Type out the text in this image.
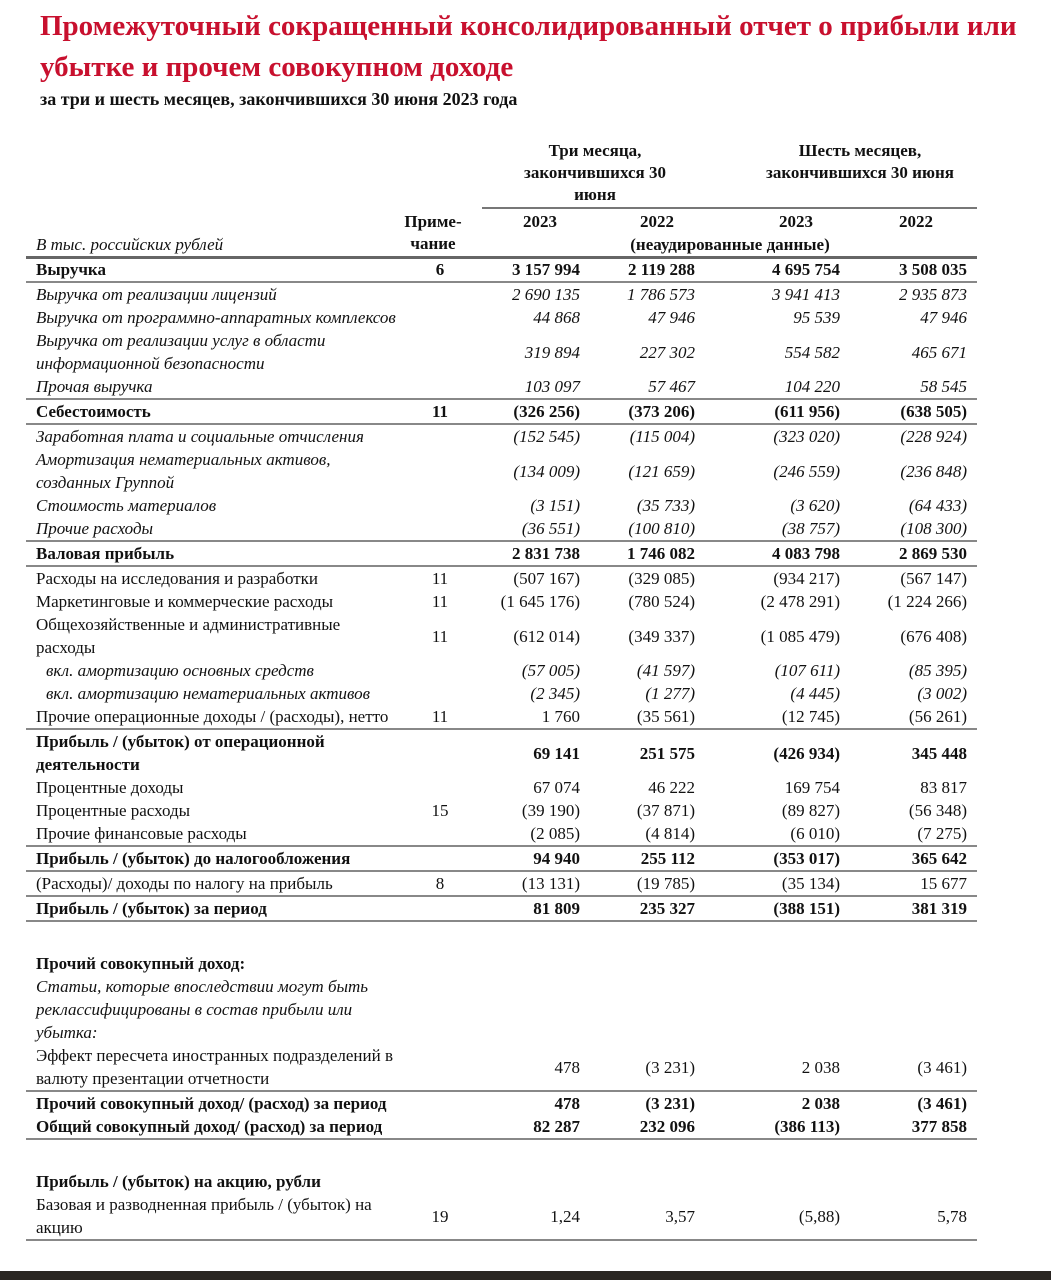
Промежуточный сокращенный консолидированный отчет о прибыли или убытке и прочем совокупном доходе
за три и шесть месяцев, закончившихся 30 июня 2023 года
Три месяца, закончившихся 30 июня
Шесть месяцев, закончившихся 30 июня
Приме-чание
2023	2022	2023	2022
(неаудированные данные)
В тыс. российских рублей
Выручка	6	3 157 994	2 119 288	4 695 754	3 508 035
Выручка от реализации лицензий		2 690 135	1 786 573	3 941 413	2 935 873
Выручка от программно-аппаратных комплексов		44 868	47 946	95 539	47 946
Выручка от реализации услуг в области информационной безопасности		319 894	227 302	554 582	465 671
Прочая выручка		103 097	57 467	104 220	58 545
Себестоимость	11	(326 256)	(373 206)	(611 956)	(638 505)
Заработная плата и социальные отчисления		(152 545)	(115 004)	(323 020)	(228 924)
Амортизация нематериальных активов, созданных Группой		(134 009)	(121 659)	(246 559)	(236 848)
Стоимость материалов		(3 151)	(35 733)	(3 620)	(64 433)
Прочие расходы		(36 551)	(100 810)	(38 757)	(108 300)
Валовая прибыль		2 831 738	1 746 082	4 083 798	2 869 530
Расходы на исследования и разработки	11	(507 167)	(329 085)	(934 217)	(567 147)
Маркетинговые и коммерческие расходы	11	(1 645 176)	(780 524)	(2 478 291)	(1 224 266)
Общехозяйственные и административные расходы	11	(612 014)	(349 337)	(1 085 479)	(676 408)
вкл. амортизацию основных средств		(57 005)	(41 597)	(107 611)	(85 395)
вкл. амортизацию нематериальных активов		(2 345)	(1 277)	(4 445)	(3 002)
Прочие операционные доходы / (расходы), нетто	11	1 760	(35 561)	(12 745)	(56 261)
Прибыль / (убыток) от операционной деятельности		69 141	251 575	(426 934)	345 448
Процентные доходы		67 074	46 222	169 754	83 817
Процентные расходы	15	(39 190)	(37 871)	(89 827)	(56 348)
Прочие финансовые расходы		(2 085)	(4 814)	(6 010)	(7 275)
Прибыль / (убыток) до налогообложения		94 940	255 112	(353 017)	365 642
(Расходы)/ доходы по налогу на прибыль	8	(13 131)	(19 785)	(35 134)	15 677
Прибыль / (убыток) за период		81 809	235 327	(388 151)	381 319

Прочий совокупный доход:					
Статьи, которые впоследствии могут быть реклассифицированы в состав прибыли или убытка:					
Эффект пересчета иностранных подразделений в валюту презентации отчетности		478	(3 231)	2 038	(3 461)
Прочий совокупный доход/ (расход) за период		478	(3 231)	2 038	(3 461)
Общий совокупный доход/ (расход) за период		82 287	232 096	(386 113)	377 858

Прибыль / (убыток) на акцию, рубли					
Базовая и разводненная прибыль / (убыток) на акцию	19	1,24	3,57	(5,88)	5,78
